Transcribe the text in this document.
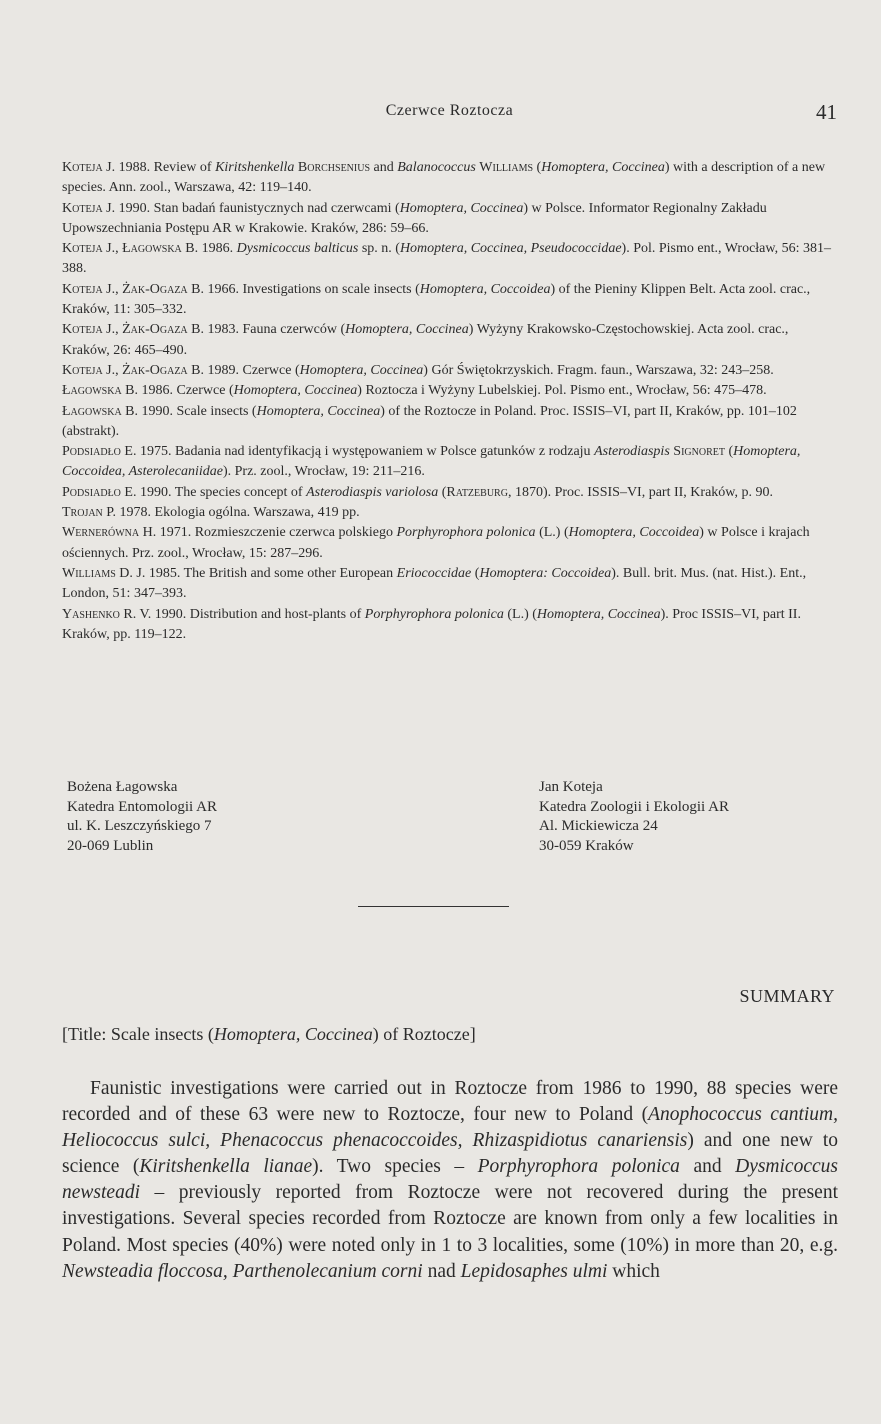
Czerwce Roztocza	41

Koteja J. 1988. Review of Kiritshenkella Borchsenius and Balanococcus Williams (Homoptera, Coccinea) with a description of a new species. Ann. zool., Warszawa, 42: 119–140.

Koteja J. 1990. Stan badań faunistycznych nad czerwcami (Homoptera, Coccinea) w Polsce. Informator Regionalny Zakładu Upowszechniania Postępu AR w Krakowie. Kraków, 286: 59–66.

Koteja J., Łagowska B. 1986. Dysmicoccus balticus sp. n. (Homoptera, Coccinea, Pseudococcidae). Pol. Pismo ent., Wrocław, 56: 381–388.

Koteja J., Żak-Ogaza B. 1966. Investigations on scale insects (Homoptera, Coccoidea) of the Pieniny Klippen Belt. Acta zool. crac., Kraków, 11: 305–332.

Koteja J., Żak-Ogaza B. 1983. Fauna czerwców (Homoptera, Coccinea) Wyżyny Krakowsko-Częstochowskiej. Acta zool. crac., Kraków, 26: 465–490.

Koteja J., Żak-Ogaza B. 1989. Czerwce (Homoptera, Coccinea) Gór Świętokrzyskich. Fragm. faun., Warszawa, 32: 243–258.

Łagowska B. 1986. Czerwce (Homoptera, Coccinea) Roztocza i Wyżyny Lubelskiej. Pol. Pismo ent., Wrocław, 56: 475–478.

Łagowska B. 1990. Scale insects (Homoptera, Coccinea) of the Roztocze in Poland. Proc. ISSIS–VI, part II, Kraków, pp. 101–102 (abstrakt).

Podsiadło E. 1975. Badania nad identyfikacją i występowaniem w Polsce gatunków z rodzaju Asterodiaspis Signoret (Homoptera, Coccoidea, Asterolecaniidae). Prz. zool., Wrocław, 19: 211–216.

Podsiadło E. 1990. The species concept of Asterodiaspis variolosa (Ratzeburg, 1870). Proc. ISSIS–VI, part II, Kraków, p. 90.

Trojan P. 1978. Ekologia ogólna. Warszawa, 419 pp.

Wernerówna H. 1971. Rozmieszczenie czerwca polskiego Porphyrophora polonica (L.) (Homoptera, Coccoidea) w Polsce i krajach ościennych. Prz. zool., Wrocław, 15: 287–296.

Williams D. J. 1985. The British and some other European Eriococcidae (Homoptera: Coccoidea). Bull. brit. Mus. (nat. Hist.). Ent., London, 51: 347–393.

Yashenko R. V. 1990. Distribution and host-plants of Porphyrophora polonica (L.) (Homoptera, Coccinea). Proc ISSIS–VI, part II. Kraków, pp. 119–122.

Bożena Łagowska
Katedra Entomologii AR
ul. K. Leszczyńskiego 7
20-069 Lublin
Jan Koteja
Katedra Zoologii i Ekologii AR
Al. Mickiewicza 24
30-059 Kraków
SUMMARY
[Title: Scale insects (Homoptera, Coccinea) of Roztocze]
Faunistic investigations were carried out in Roztocze from 1986 to 1990, 88 species were recorded and of these 63 were new to Roztocze, four new to Poland (Anophococcus cantium, Heliococcus sulci, Phenacoccus phenacoccoides, Rhizaspidiotus canariensis) and one new to science (Kiritshenkella lianae). Two species – Porphyrophora polonica and Dysmicoccus newsteadi – previously reported from Roztocze were not recovered during the present investigations. Several species recorded from Roztocze are known from only a few localities in Poland. Most species (40%) were noted only in 1 to 3 localities, some (10%) in more than 20, e.g. Newsteadia floccosa, Parthenolecanium corni nad Lepidosaphes ulmi which
